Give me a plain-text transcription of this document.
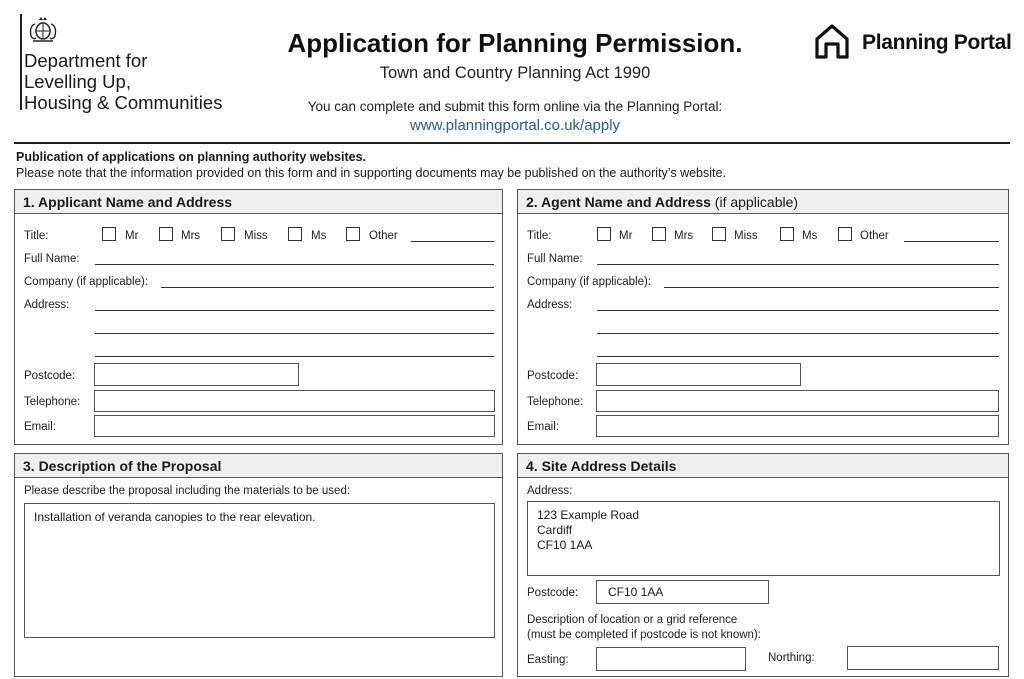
Department for
Levelling Up,
Housing & Communities
Application for Planning Permission.
Town and Country Planning Act 1990
You can complete and submit this form online via the Planning Portal:
www.planningportal.co.uk/apply
Planning Portal
Publication of applications on planning authority websites.
Please note that the information provided on this form and in supporting documents may be published on the authority’s website.
1. Applicant Name and Address
Title:	Mr	Mrs	Miss	Ms	Other
Full Name:
Company (if applicable):
Address:
Postcode:
Telephone:
Email:
2. Agent Name and Address (if applicable)
Title:	Mr	Mrs	Miss	Ms	Other
Full Name:
Company (if applicable):
Address:
Postcode:
Telephone:
Email:
3. Description of the Proposal
Please describe the proposal including the materials to be used:
Installation of veranda canopies to the rear elevation.
4. Site Address Details
Address:
123 Example Road
Cardiff
CF10 1AA
Postcode: CF10 1AA
Description of location or a grid reference
(must be completed if postcode is not known):
Easting:	Northing:
